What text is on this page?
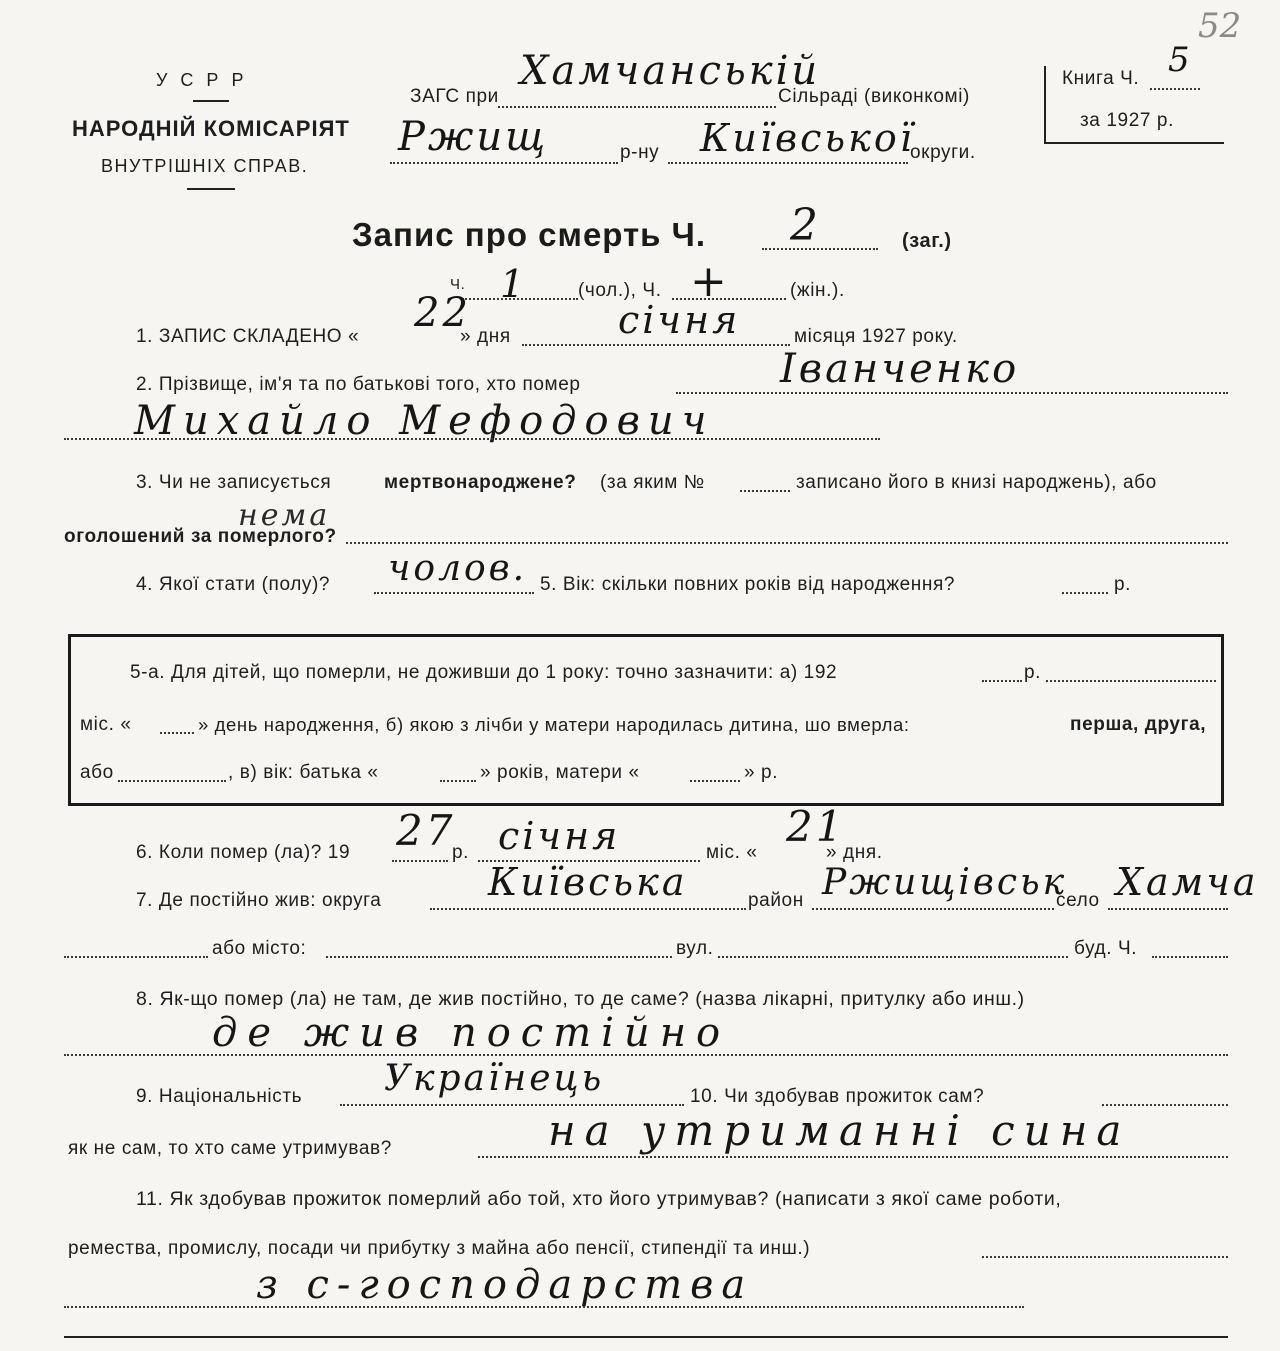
52
У С Р Р
НАРОДНІЙ КОМІСАРІЯТ
ВНУТРІШНІХ СПРАВ.
ЗАГС при
Хамчанській
Сільраді (виконкомі)
Ржищ	р-ну Київської
округи.
Книга Ч. 5
за 1927 р.
Запис про смерть Ч. 2	(заг.)
Ч. 1	(чол.), Ч. +	(жін.).
1. ЗАПИС СКЛАДЕНО «
22
» дня	січня	місяця 1927 року.
2. Прізвище, ім'я та по батькові того, хто помер	Іванченко
Михайло Мефодович
3. Чи не записується	мертвонароджене? (за яким №	записано його в книзі народжень), або
оголошений за померлого?
нема
4. Якої стати (полу)? чолов. 5. Вік: скільки повних років від народження?	р.
5-а. Для дітей, що померли, не доживши до 1 року: точно зазначити: а) 192	р.
міс. «	» день народження, б) якою з лічби у матери народилась дитина, шо вмерла:	перша, друга,
або	, в) вік: батька «	» років, матери «	» р.
6. Коли помер (ла)? 19 27
р. січня	міс. «
21
» дня.
7. Де постійно жив: округа	Київська	район Ржищівськ
село Хамча
або місто:	вул.	буд. Ч.
8. Як-що помер (ла) не там, де жив постійно, то де саме? (назва лікарні, притулку або инш.)
де жив постійно
9. Національність Українець	10. Чи здобував прожиток сам?
як не сам, то хто саме утримував?	на утриманні сина
11. Як здобував прожиток померлий або той, хто його утримував? (написати з якої саме роботи,
ремества, промислу, посади чи прибутку з майна або пенсії, стипендії та инш.)
з с-господарства
